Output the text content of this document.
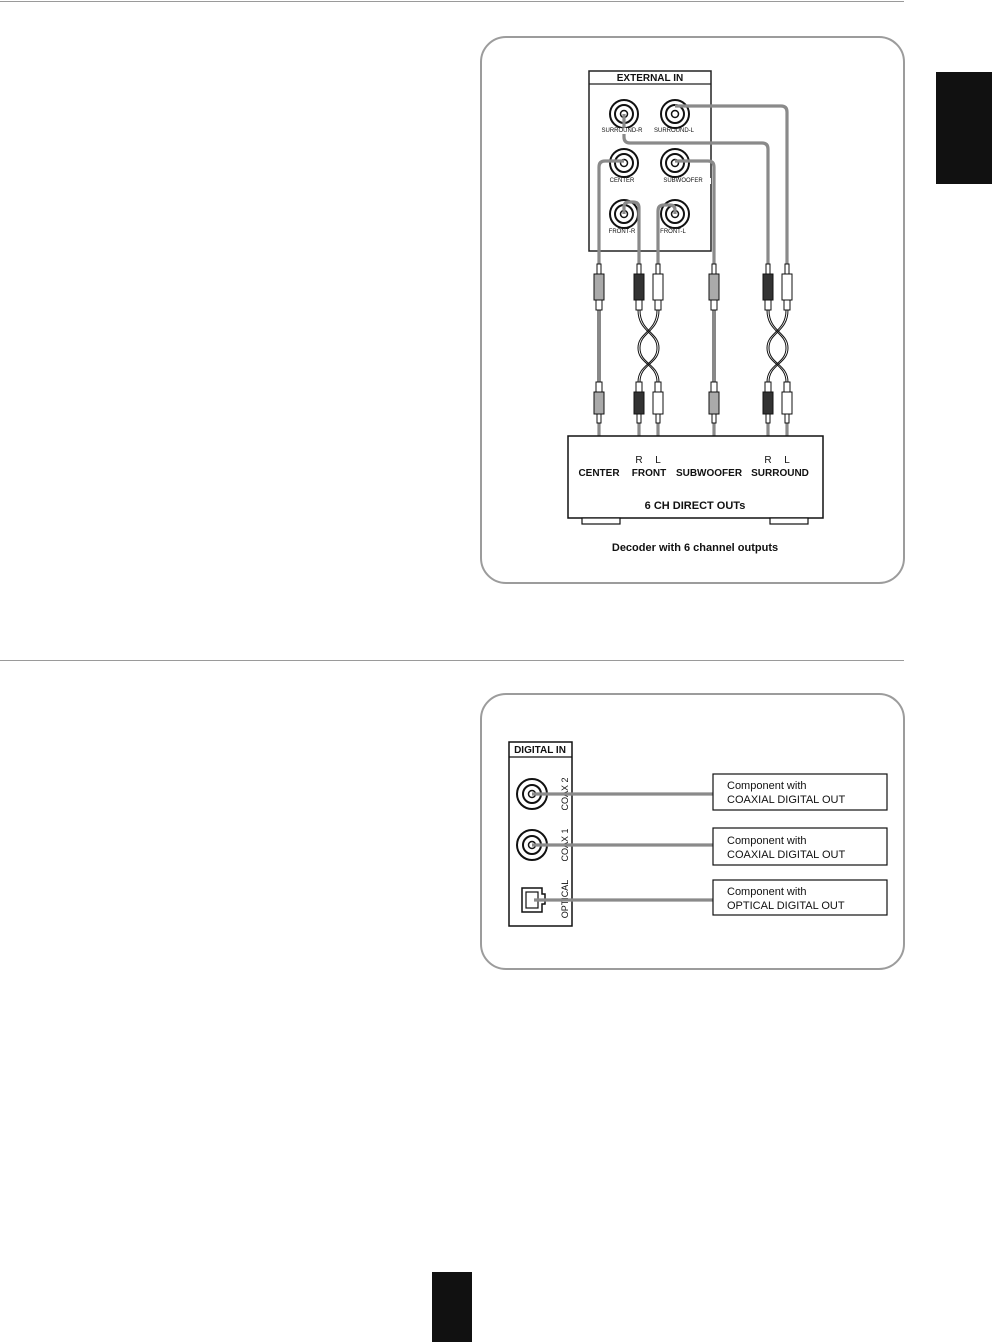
EXTERNAL IN
R L	R L
CENTER FRONT SUBWOOFER SURROUND
6 CH DIRECT OUTs
Decoder with 6 channel outputs
SURROUND-R	SURROUND-L
CENTER	SUBWOOFER
FRONT-R	FRONT-L
DIGITAL IN
COAX 2
COAX 1
OPTICAL
Component with
COAXIAL DIGITAL OUT
Component with
COAXIAL DIGITAL OUT
Component with
OPTICAL DIGITAL OUT
